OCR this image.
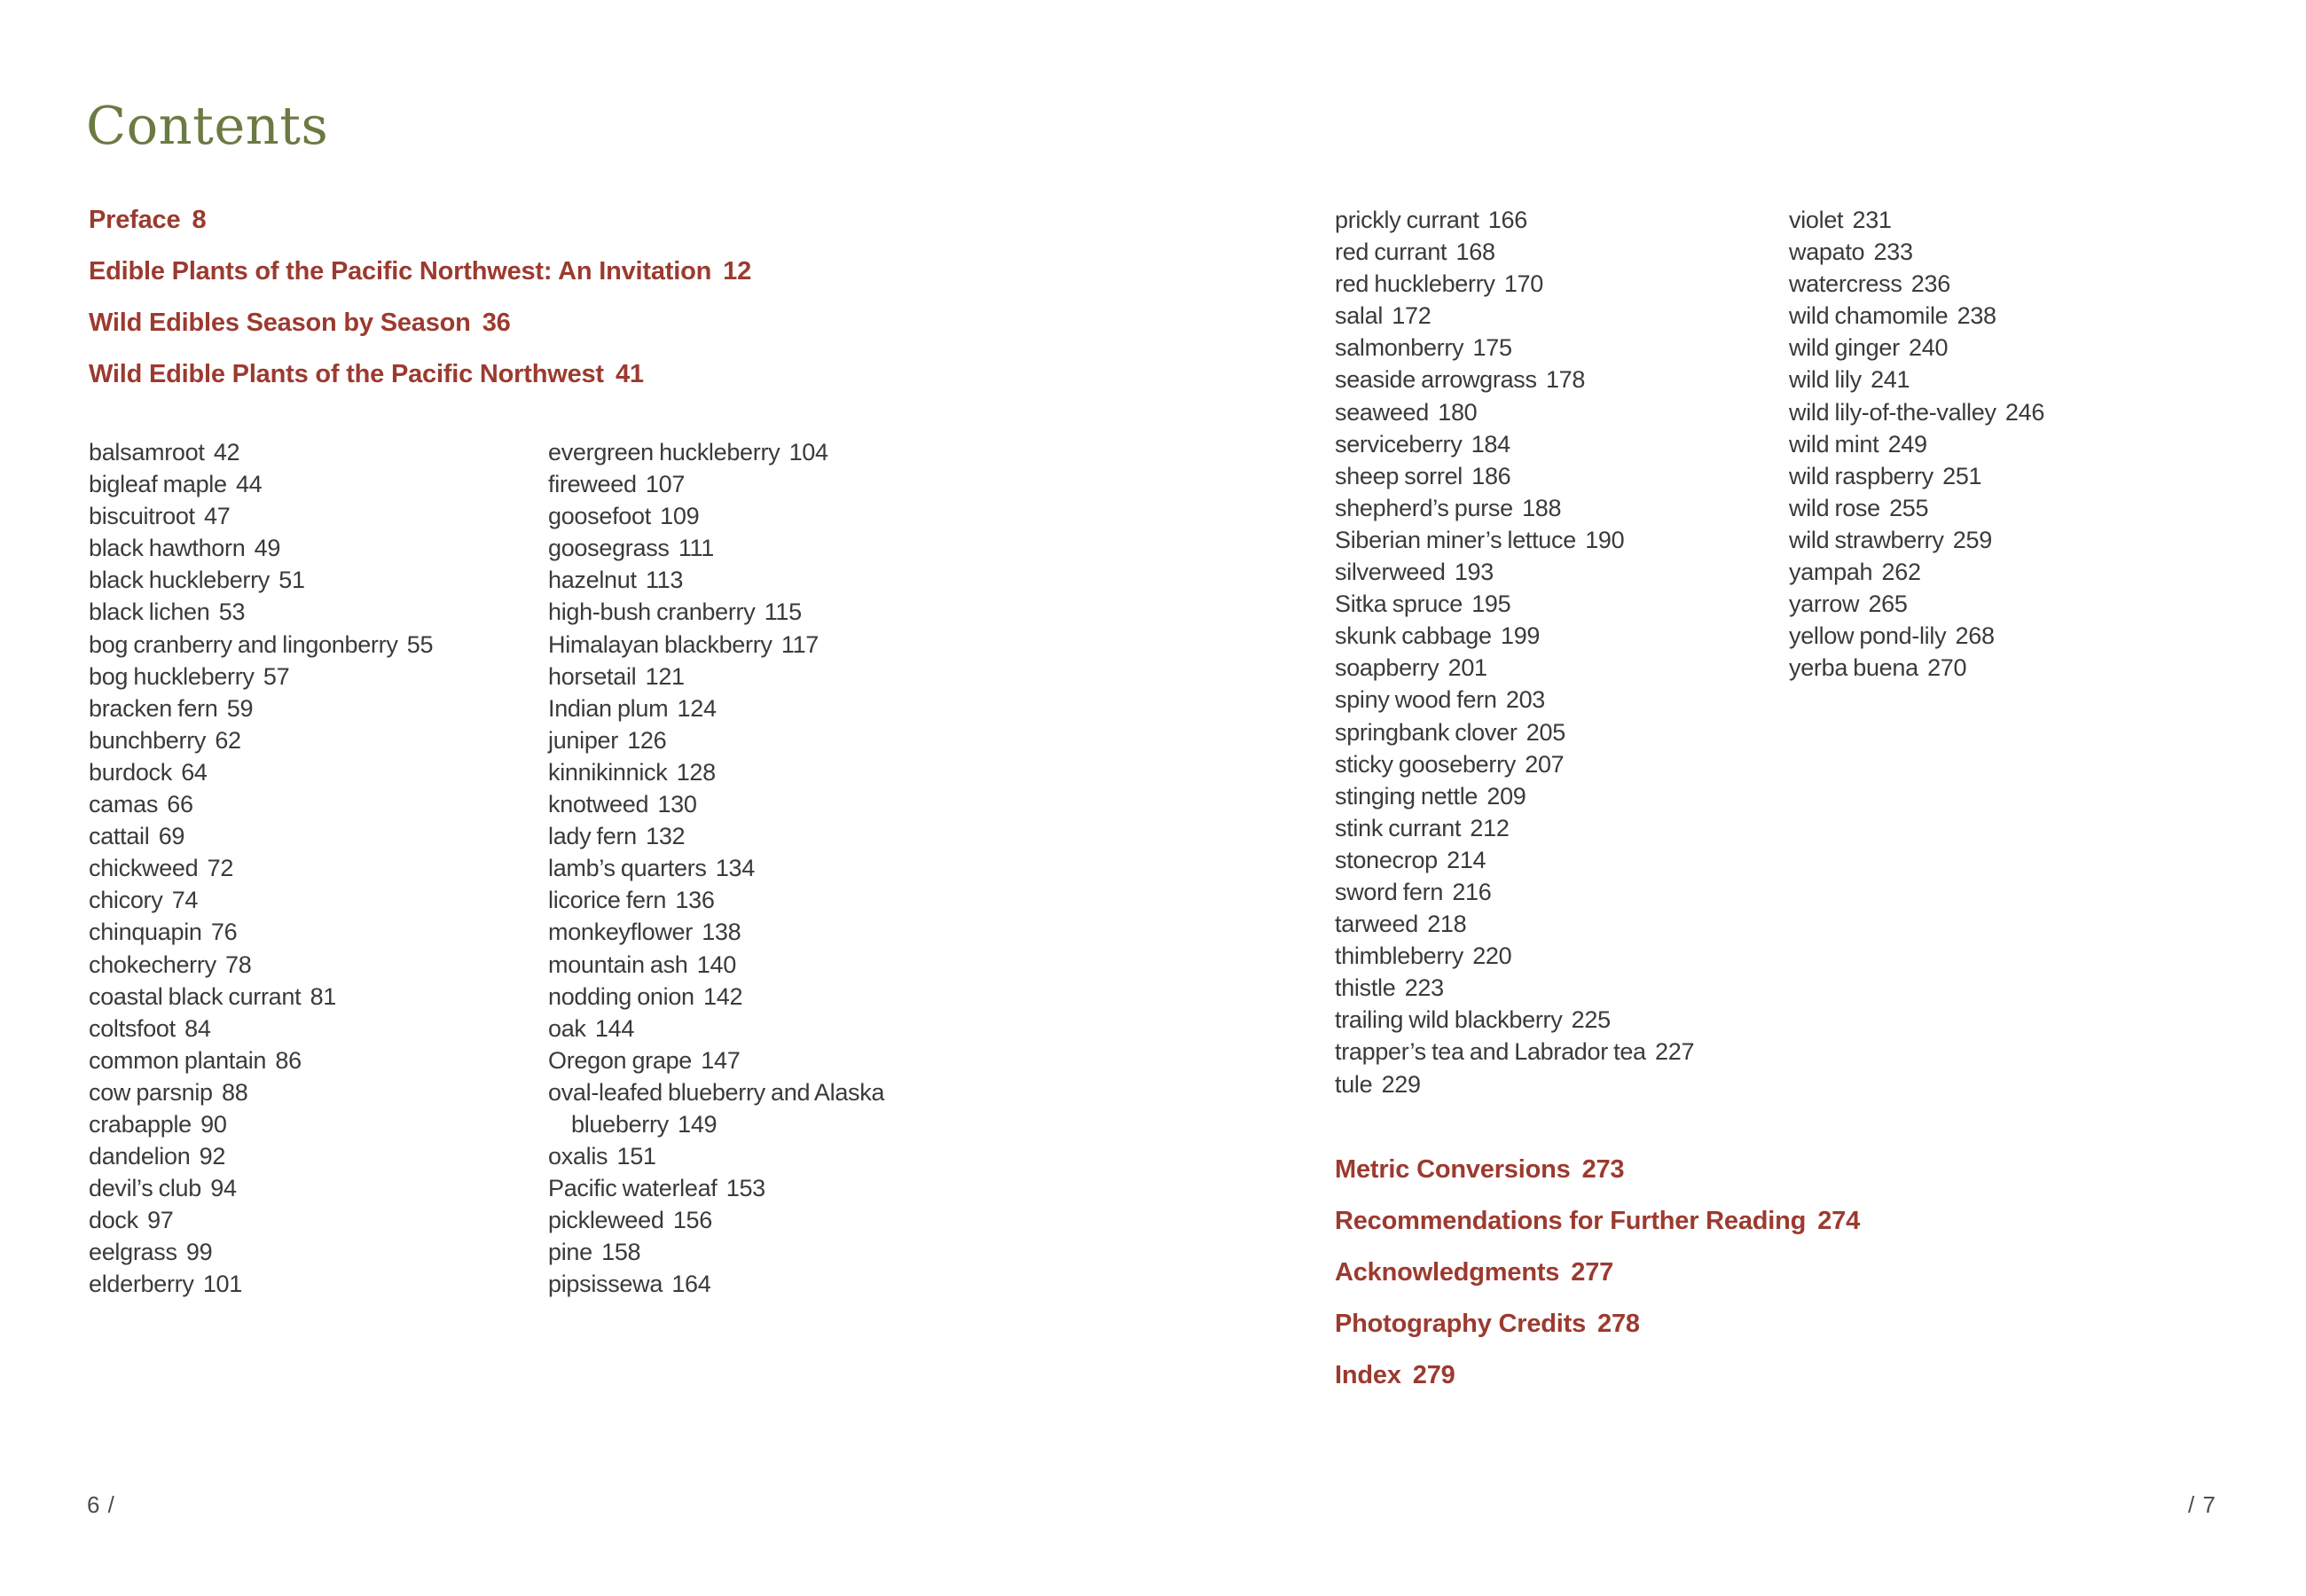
Contents
Preface 8
Edible Plants of the Pacific Northwest: An Invitation 12
Wild Edibles Season by Season 36
Wild Edible Plants of the Pacific Northwest 41
balsamroot 42
bigleaf maple 44
biscuitroot 47
black hawthorn 49
black huckleberry 51
black lichen 53
bog cranberry and lingonberry 55
bog huckleberry 57
bracken fern 59
bunchberry 62
burdock 64
camas 66
cattail 69
chickweed 72
chicory 74
chinquapin 76
chokecherry 78
coastal black currant 81
coltsfoot 84
common plantain 86
cow parsnip 88
crabapple 90
dandelion 92
devil’s club 94
dock 97
eelgrass 99
elderberry 101
evergreen huckleberry 104
fireweed 107
goosefoot 109
goosegrass 111
hazelnut 113
high-bush cranberry 115
Himalayan blackberry 117
horsetail 121
Indian plum 124
juniper 126
kinnikinnick 128
knotweed 130
lady fern 132
lamb’s quarters 134
licorice fern 136
monkeyflower 138
mountain ash 140
nodding onion 142
oak 144
Oregon grape 147
oval-leafed blueberry and Alaska
blueberry 149
oxalis 151
Pacific waterleaf 153
pickleweed 156
pine 158
pipsissewa 164
prickly currant 166
red currant 168
red huckleberry 170
salal 172
salmonberry 175
seaside arrowgrass 178
seaweed 180
serviceberry 184
sheep sorrel 186
shepherd’s purse 188
Siberian miner’s lettuce 190
silverweed 193
Sitka spruce 195
skunk cabbage 199
soapberry 201
spiny wood fern 203
springbank clover 205
sticky gooseberry 207
stinging nettle 209
stink currant 212
stonecrop 214
sword fern 216
tarweed 218
thimbleberry 220
thistle 223
trailing wild blackberry 225
trapper’s tea and Labrador tea 227
tule 229
violet 231
wapato 233
watercress 236
wild chamomile 238
wild ginger 240
wild lily 241
wild lily-of-the-valley 246
wild mint 249
wild raspberry 251
wild rose 255
wild strawberry 259
yampah 262
yarrow 265
yellow pond-lily 268
yerba buena 270
Metric Conversions 273
Recommendations for Further Reading 274
Acknowledgments 277
Photography Credits 278
Index 279
6 /	/ 7
